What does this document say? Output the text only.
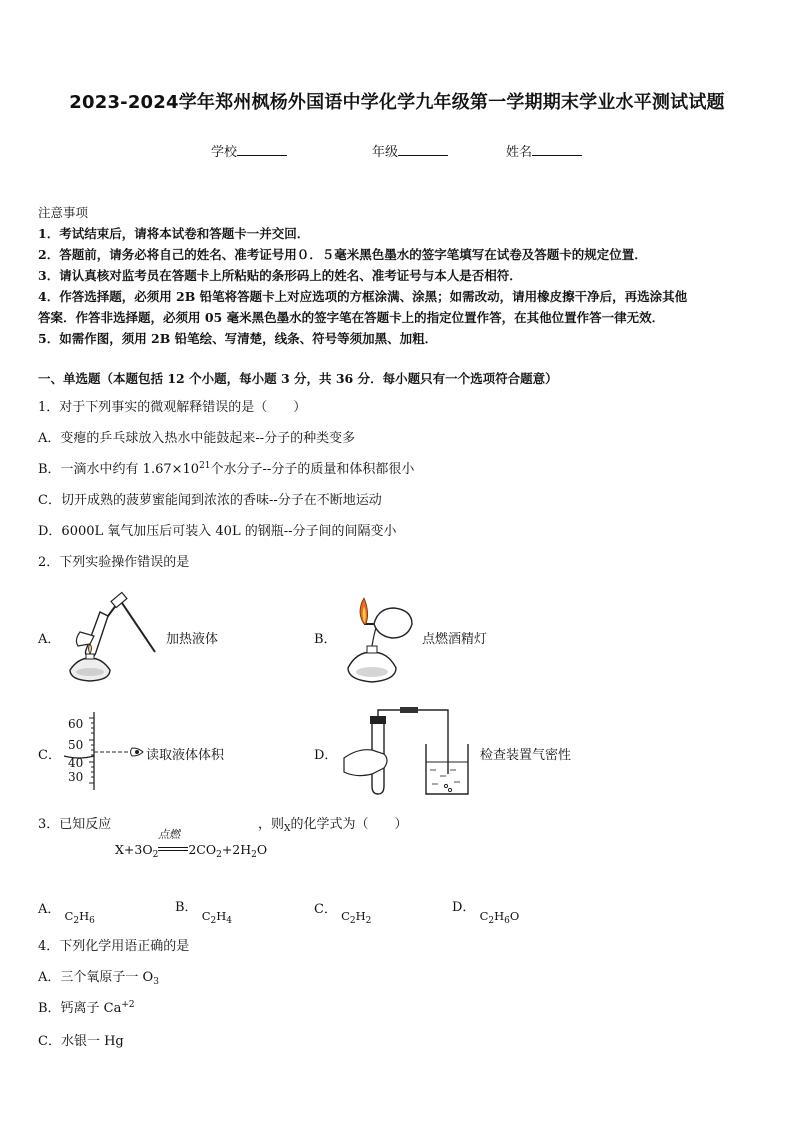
2023-2024学年郑州枫杨外国语中学化学九年级第一学期期末学业水平测试试题
学校	年级	姓名
注意事项
1．考试结束后，请将本试卷和答题卡一并交回．
2．答题前，请务必将自己的姓名、准考证号用０．５毫米黑色墨水的签字笔填写在试卷及答题卡的规定位置．
3．请认真核对监考员在答题卡上所粘贴的条形码上的姓名、准考证号与本人是否相符．
4．作答选择题，必须用 2B 铅笔将答题卡上对应选项的方框涂满、涂黑；如需改动，请用橡皮擦干净后，再选涂其他
答案．作答非选择题，必须用 05 毫米黑色墨水的签字笔在答题卡上的指定位置作答，在其他位置作答一律无效．
5．如需作图，须用 2B 铅笔绘、写清楚，线条、符号等须加黑、加粗．
一、单选题（本题包括 12 个小题，每小题 3 分，共 36 分．每小题只有一个选项符合题意）
1．对于下列事实的微观解释错误的是（　　）
A．变瘪的乒乓球放入热水中能鼓起来--分子的种类变多
B．一滴水中约有 $1.67\times 10^{21}$个水分子--分子的质量和体积都很小
C．切开成熟的菠萝蜜能闻到浓浓的香味--分子在不断地运动
D．6000L 氧气加压后可装入 40L 的钢瓶--分子间的间隔变小
2．下列实验操作错误的是
A．	加热液体	B．	点燃酒精灯
C．
60
50
40
30
读取液体体积	D．	检查装置气密性
3．已知反应	，则$_X$的化学式为（　　）
点燃
$X+3O_2$ $2CO_2+2H_2O$
A． $C_2H_6$
B． $C_2H_4$
C． $C_2H_2$
D． $C_2H_6O$
4．下列化学用语正确的是
A．三个氧原子一 $O_3$
B．钙离子 $Ca^{+2}$
C．水银一 Hg
